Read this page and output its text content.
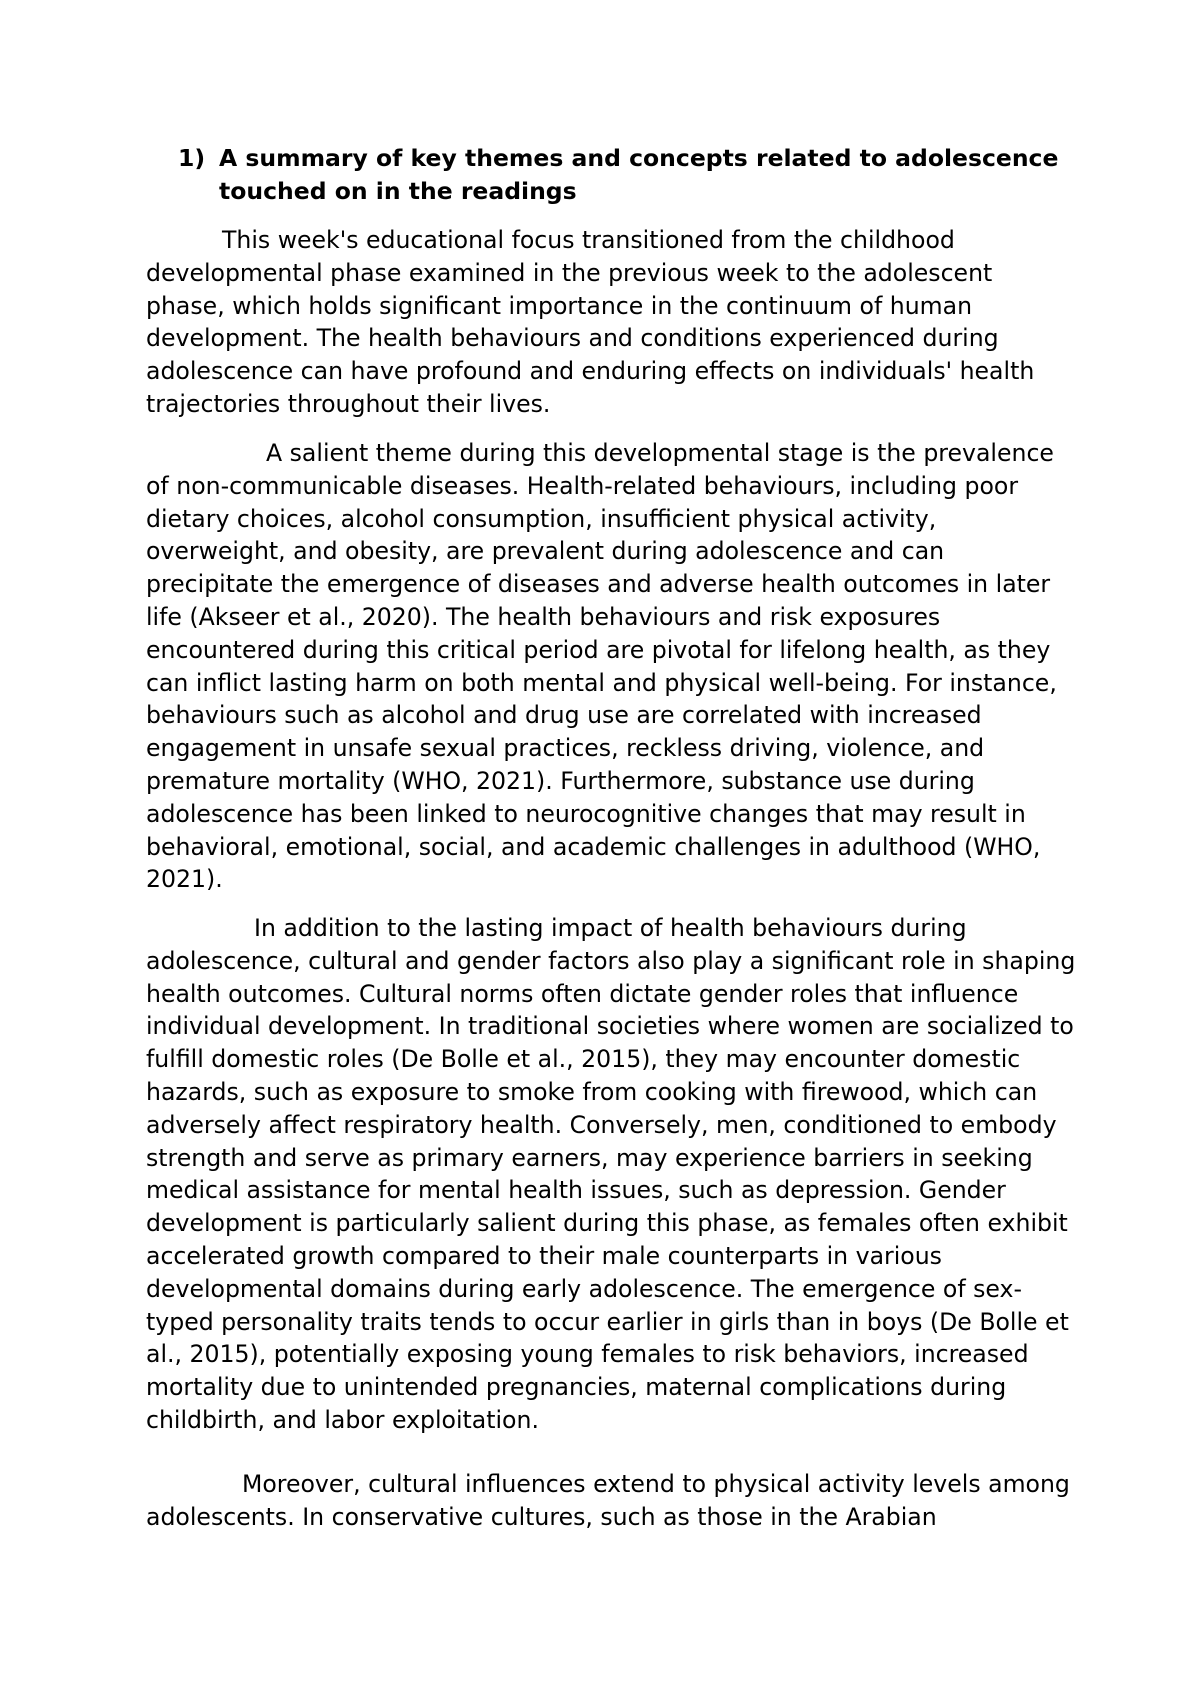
1) A summary of key themes and concepts related to adolescence touched on in the readings

This week's educational focus transitioned from the childhood developmental phase examined in the previous week to the adolescent phase, which holds significant importance in the continuum of human development. The health behaviours and conditions experienced during adolescence can have profound and enduring effects on individuals' health trajectories throughout their lives.

A salient theme during this developmental stage is the prevalence of non-communicable diseases. Health-related behaviours, including poor dietary choices, alcohol consumption, insufficient physical activity, overweight, and obesity, are prevalent during adolescence and can precipitate the emergence of diseases and adverse health outcomes in later life (Akseer et al., 2020). The health behaviours and risk exposures encountered during this critical period are pivotal for lifelong health, as they can inflict lasting harm on both mental and physical well-being. For instance, behaviours such as alcohol and drug use are correlated with increased engagement in unsafe sexual practices, reckless driving, violence, and premature mortality (WHO, 2021). Furthermore, substance use during adolescence has been linked to neurocognitive changes that may result in behavioral, emotional, social, and academic challenges in adulthood (WHO, 2021).

In addition to the lasting impact of health behaviours during adolescence, cultural and gender factors also play a significant role in shaping health outcomes. Cultural norms often dictate gender roles that influence individual development. In traditional societies where women are socialized to fulfill domestic roles (De Bolle et al., 2015), they may encounter domestic hazards, such as exposure to smoke from cooking with firewood, which can adversely affect respiratory health. Conversely, men, conditioned to embody strength and serve as primary earners, may experience barriers in seeking medical assistance for mental health issues, such as depression. Gender development is particularly salient during this phase, as females often exhibit accelerated growth compared to their male counterparts in various developmental domains during early adolescence. The emergence of sex-typed personality traits tends to occur earlier in girls than in boys (De Bolle et al., 2015), potentially exposing young females to risk behaviors, increased mortality due to unintended pregnancies, maternal complications during childbirth, and labor exploitation.

Moreover, cultural influences extend to physical activity levels among adolescents. In conservative cultures, such as those in the Arabian
